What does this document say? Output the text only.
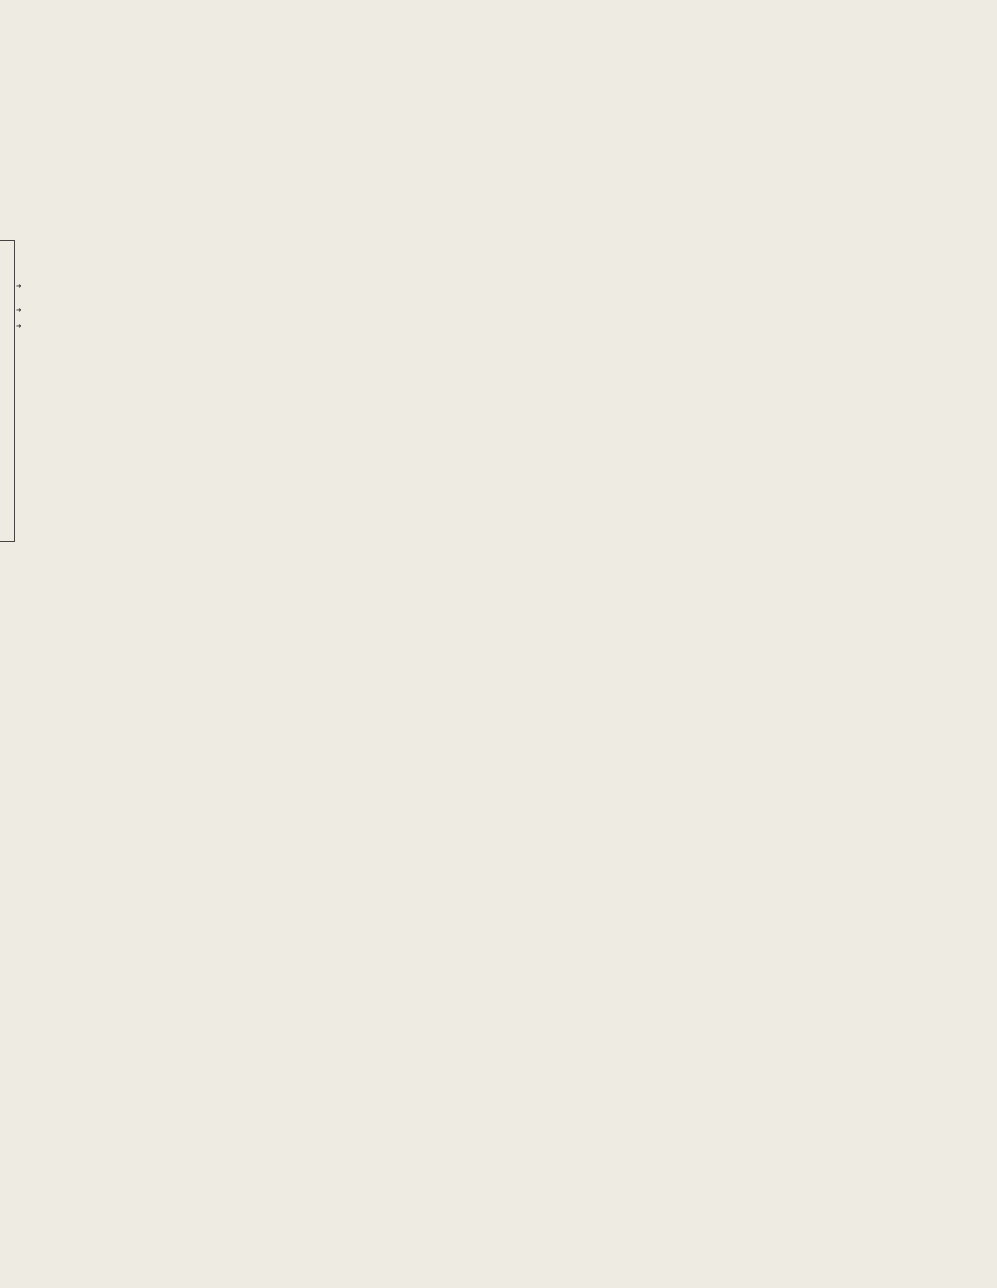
➜
➜
➜
